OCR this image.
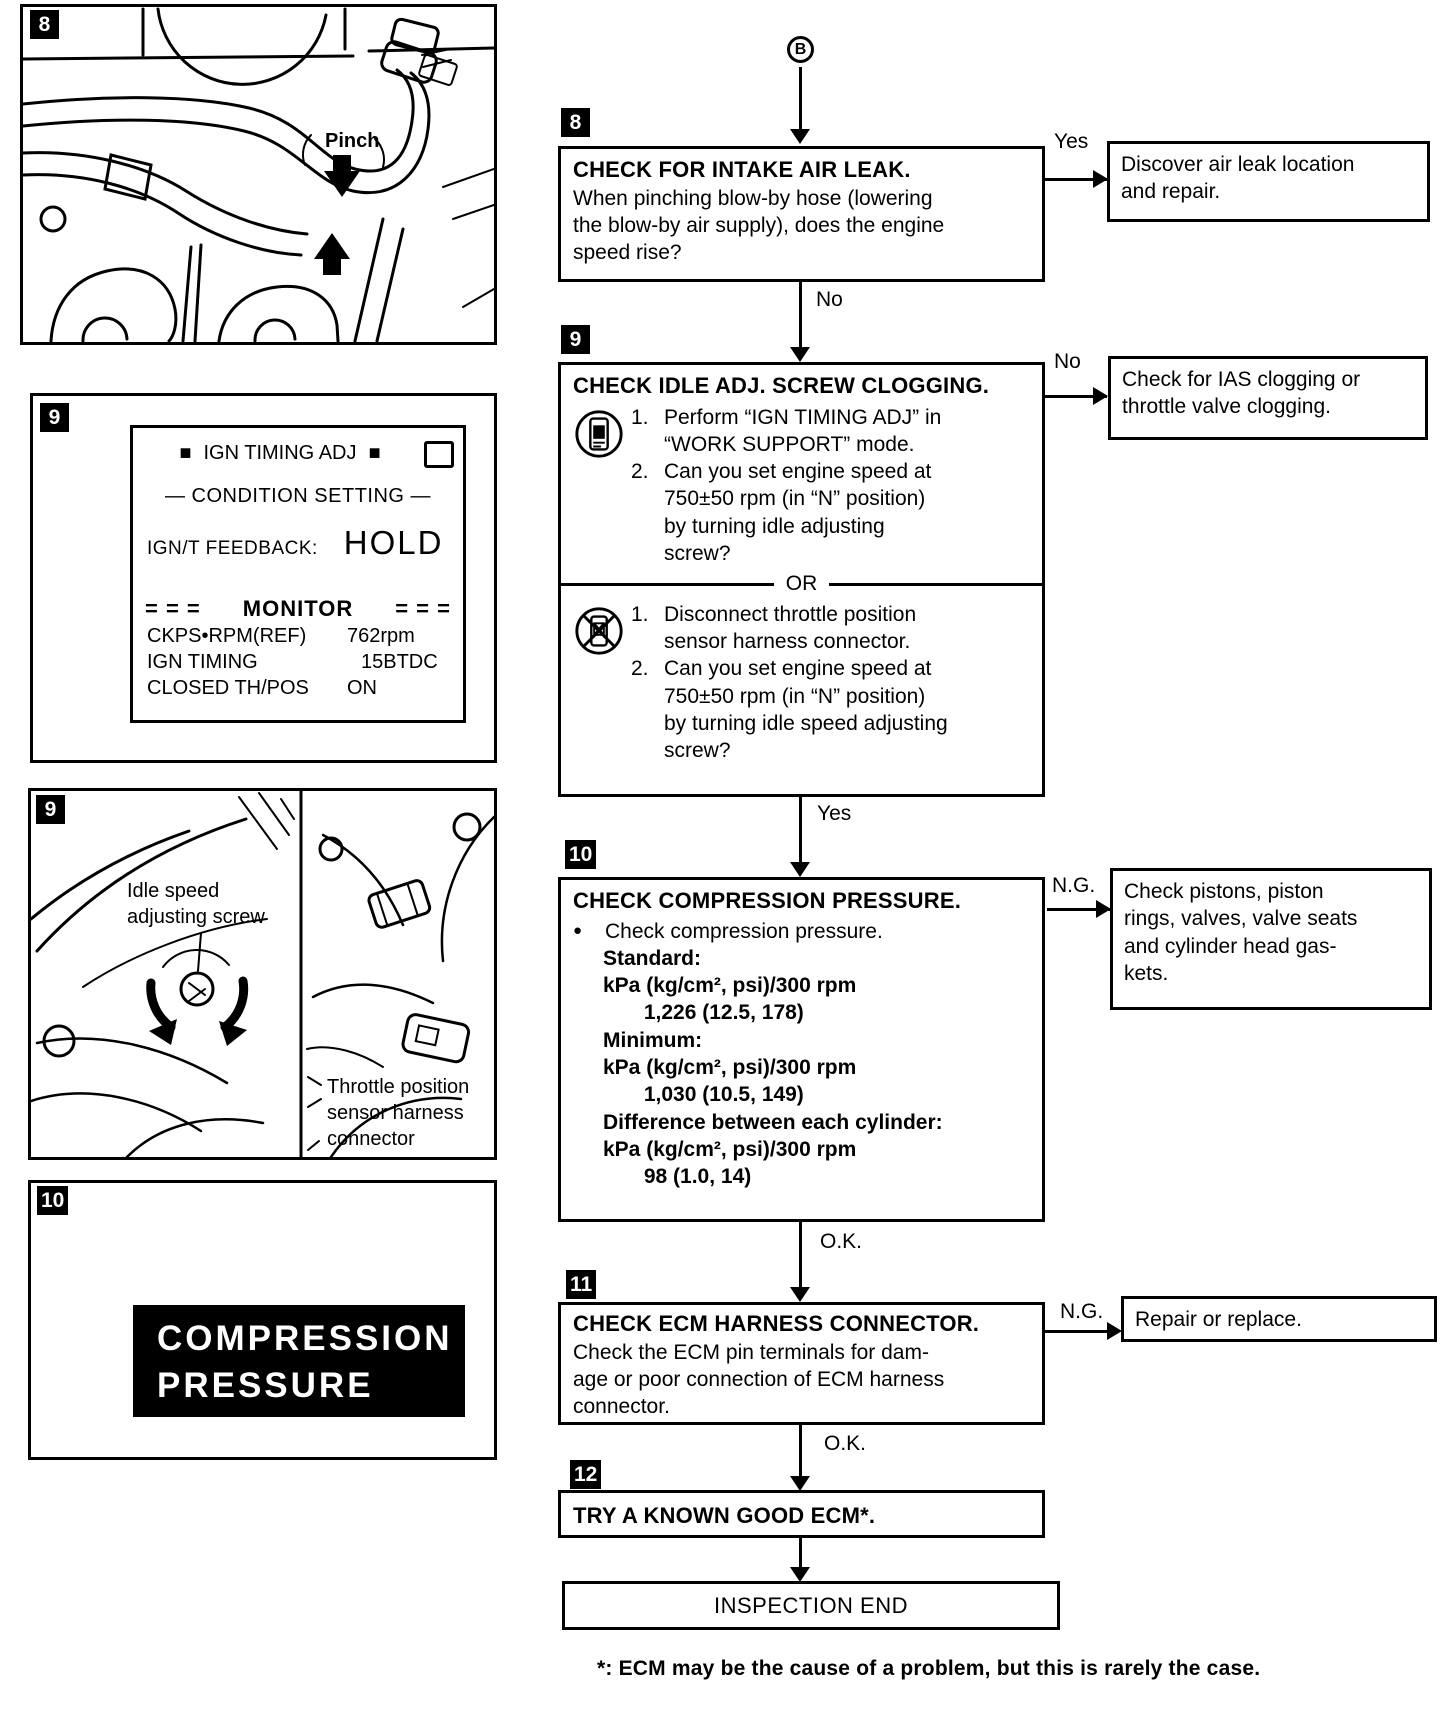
Pinch
8
■ IGN TIMING ADJ ■
— CONDITION SETTING —
IGN/T FEEDBACK: HOLD
= = = MONITOR = = =
CKPS•RPM(REF)	762rpm
IGN TIMING	15BTDC
CLOSED TH/POS	ON
9
Idle speed
adjusting screw
Throttle position
sensor harness
connector
9
COMPRESSION
PRESSURE
10
B
8
CHECK FOR INTAKE AIR LEAK.
When pinching blow-by hose (lowering
the blow-by air supply), does the engine
speed rise?
Yes
Discover air leak location
and repair.
No
9
CHECK IDLE ADJ. SCREW CLOGGING.
1. Perform “IGN TIMING ADJ” in
“WORK SUPPORT” mode.
2. Can you set engine speed at
750±50 rpm (in “N” position)
by turning idle adjusting
screw?
OR
1. Disconnect throttle position
sensor harness connector.
2. Can you set engine speed at
750±50 rpm (in “N” position)
by turning idle speed adjusting
screw?
No
Check for IAS clogging or
throttle valve clogging.
Yes
10
CHECK COMPRESSION PRESSURE.
●	Check compression pressure.
Standard:
kPa (kg/cm², psi)/300 rpm
1,226 (12.5, 178)
Minimum:
kPa (kg/cm², psi)/300 rpm
1,030 (10.5, 149)
Difference between each cylinder:
kPa (kg/cm², psi)/300 rpm
98 (1.0, 14)
N.G. Check pistons, piston
rings, valves, valve seats
and cylinder head gas-
kets.
O.K.
11
CHECK ECM HARNESS CONNECTOR.
Check the ECM pin terminals for dam-
age or poor connection of ECM harness
connector.
N.G. Repair or replace.
O.K.
12
TRY A KNOWN GOOD ECM*.
INSPECTION END
*: ECM may be the cause of a problem, but this is rarely the case.
